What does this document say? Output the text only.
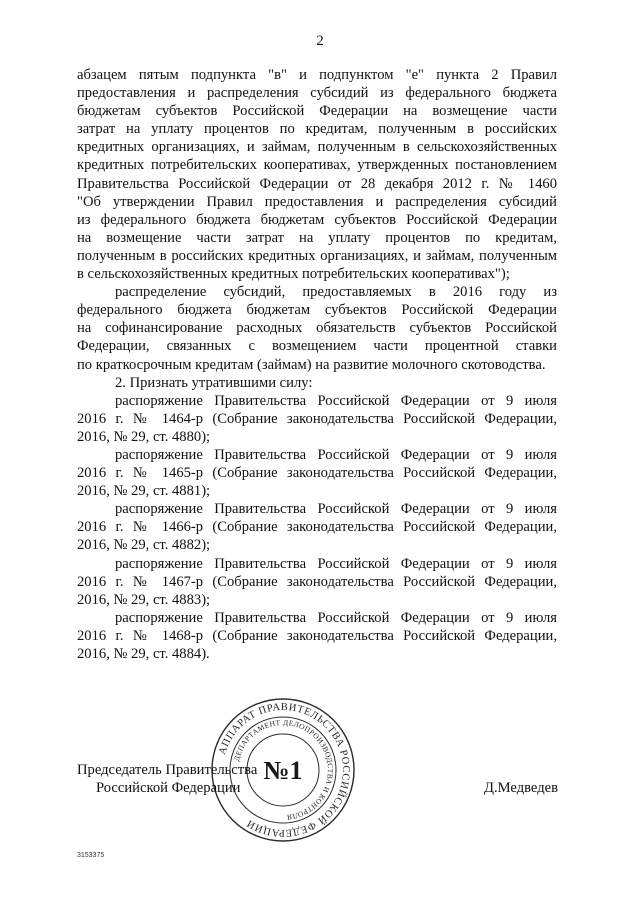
2

абзацем пятым подпункта "в" и подпунктом "е" пункта 2 Правил
предоставления и распределения субсидий из федерального бюджета
бюджетам субъектов Российской Федерации на возмещение части
затрат на уплату процентов по кредитам, полученным в российских
кредитных организациях, и займам, полученным в сельскохозяйственных
кредитных потребительских кооперативах, утвержденных постановлением
Правительства Российской Федерации от 28 декабря 2012 г. № 1460
"Об утверждении Правил предоставления и распределения субсидий
из федерального бюджета бюджетам субъектов Российской Федерации
на возмещение части затрат на уплату процентов по кредитам,
полученным в российских кредитных организациях, и займам, полученным
в сельскохозяйственных кредитных потребительских кооперативах");

распределение субсидий, предоставляемых в 2016 году из
федерального бюджета бюджетам субъектов Российской Федерации
на софинансирование расходных обязательств субъектов Российской
Федерации, связанных с возмещением части процентной ставки
по краткосрочным кредитам (займам) на развитие молочного скотоводства.

2. Признать утратившими силу:

распоряжение Правительства Российской Федерации от 9 июля
2016 г. № 1464-р (Собрание законодательства Российской Федерации,
2016, № 29, ст. 4880);

распоряжение Правительства Российской Федерации от 9 июля
2016 г. № 1465-р (Собрание законодательства Российской Федерации,
2016, № 29, ст. 4881);

распоряжение Правительства Российской Федерации от 9 июля
2016 г. № 1466-р (Собрание законодательства Российской Федерации,
2016, № 29, ст. 4882);

распоряжение Правительства Российской Федерации от 9 июля
2016 г. № 1467-р (Собрание законодательства Российской Федерации,
2016, № 29, ст. 4883);

распоряжение Правительства Российской Федерации от 9 июля
2016 г. № 1468-р (Собрание законодательства Российской Федерации,
2016, № 29, ст. 4884).

АППАРАТ ПРАВИТЕЛЬСТВА РОССИЙСКОЙ ФЕДЕРАЦИИ
ДЕПАРТАМЕНТ ДЕЛОПРОИЗВОДСТВА И КОНТРОЛЯ
№1
Председатель Правительства
Российской Федерации	Д.Медведев
3153375
